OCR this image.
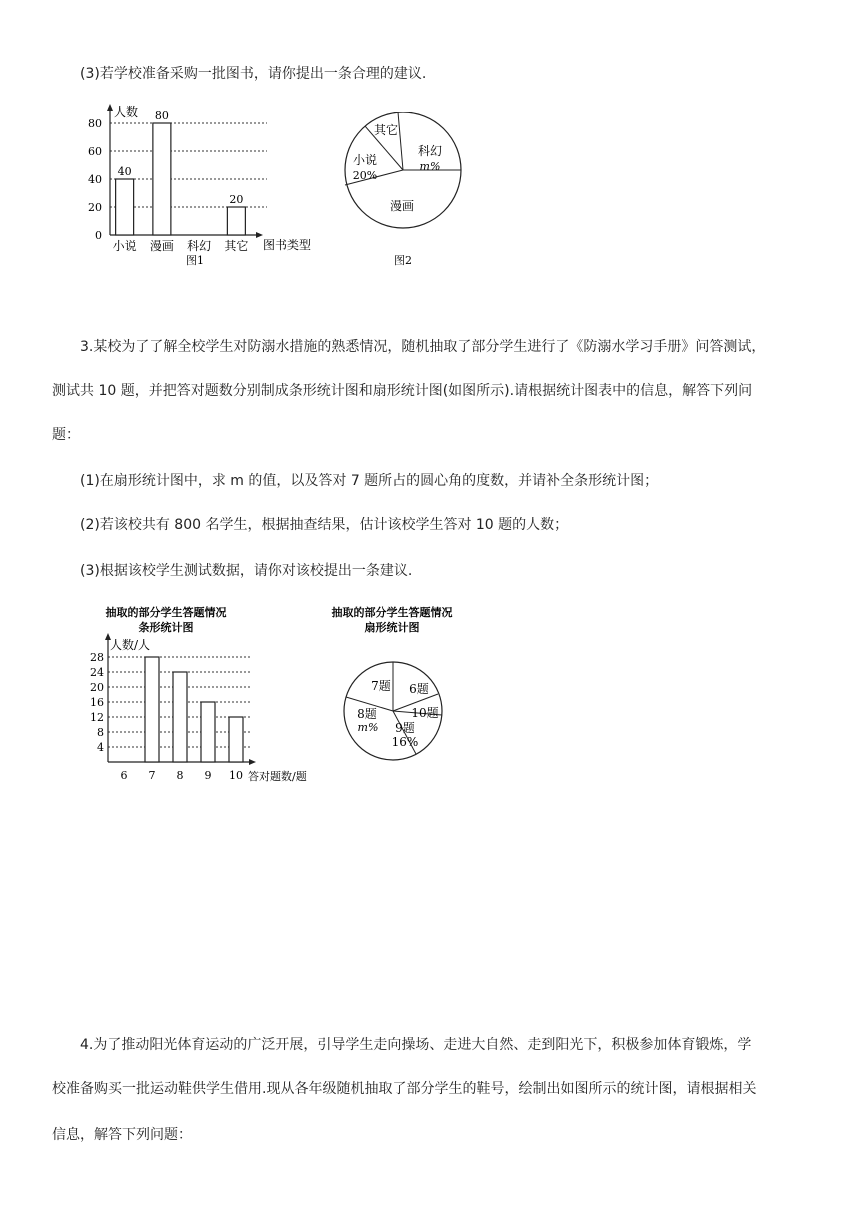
(3)若学校准备采购一批图书，请你提出一条合理的建议.

人数
0
20
40
60
80
40
小说
80
漫画 科幻
20
其它 图书类型
图1
其它
科幻
m%
漫画
小说
20%
图2

3.某校为了了解全校学生对防溺水措施的熟悉情况，随机抽取了部分学生进行了《防溺水学习手册》问答测试，

测试共 10 题，并把答对题数分别制成条形统计图和扇形统计图(如图所示).请根据统计图表中的信息，解答下列问

题：

(1)在扇形统计图中，求 m 的值，以及答对 7 题所占的圆心角的度数，并请补全条形统计图；

(2)若该校共有 800 名学生，根据抽查结果，估计该校学生答对 10 题的人数；

(3)根据该校学生测试数据，请你对该校提出一条建议.

抽取的部分学生答题情况
条形统计图
人数/人
4
8
12
16
20
24
28
6 7 8 9 10 答对题数/题
抽取的部分学生答题情况
扇形统计图
7题 6题
10题
9题
16%
8题
m%

4.为了推动阳光体育运动的广泛开展，引导学生走向操场、走进大自然、走到阳光下，积极参加体育锻炼，学

校准备购买一批运动鞋供学生借用.现从各年级随机抽取了部分学生的鞋号，绘制出如图所示的统计图，请根据相关

信息，解答下列问题：
